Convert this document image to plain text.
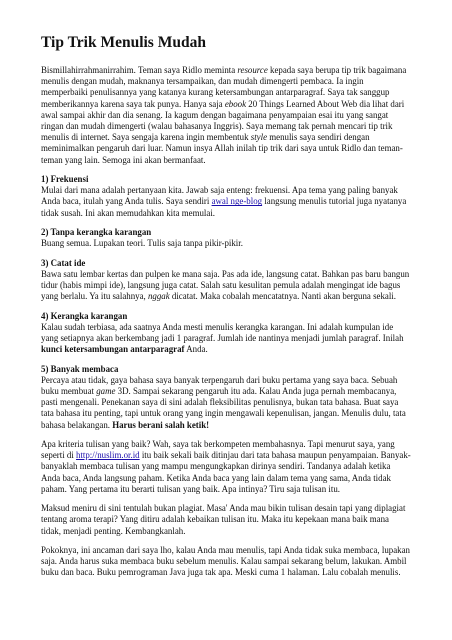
Tip Trik Menulis Mudah

Bismillahirrahmanirrahim. Teman saya Ridlo meminta resource kepada saya berupa tip trik bagaimana menulis dengan mudah, maknanya tersampaikan, dan mudah dimengerti pembaca. Ia ingin memperbaiki penulisannya yang katanya kurang ketersambungan antarparagraf. Saya tak sanggup memberikannya karena saya tak punya. Hanya saja ebook 20 Things Learned About Web dia lihat dari awal sampai akhir dan dia senang. Ia kagum dengan bagaimana penyampaian esai itu yang sangat ringan dan mudah dimengerti (walau bahasanya Inggris). Saya memang tak pernah mencari tip trik menulis di internet. Saya sengaja karena ingin membentuk style menulis saya sendiri dengan meminimalkan pengaruh dari luar. Namun insya Allah inilah tip trik dari saya untuk Ridlo dan teman-teman yang lain. Semoga ini akan bermanfaat.

1) Frekuensi
Mulai dari mana adalah pertanyaan kita. Jawab saja enteng: frekuensi. Apa tema yang paling banyak Anda baca, itulah yang Anda tulis. Saya sendiri awal nge-blog langsung menulis tutorial juga nyatanya tidak susah. Ini akan memudahkan kita memulai.
2) Tanpa kerangka karangan
Buang semua. Lupakan teori. Tulis saja tanpa pikir-pikir.
3) Catat ide
Bawa satu lembar kertas dan pulpen ke mana saja. Pas ada ide, langsung catat. Bahkan pas baru bangun tidur (habis mimpi ide), langsung juga catat. Salah satu kesulitan pemula adalah mengingat ide bagus yang berlalu. Ya itu salahnya, nggak dicatat. Maka cobalah mencatatnya. Nanti akan berguna sekali.
4) Kerangka karangan
Kalau sudah terbiasa, ada saatnya Anda mesti menulis kerangka karangan. Ini adalah kumpulan ide yang setiapnya akan berkembang jadi 1 paragraf. Jumlah ide nantinya menjadi jumlah paragraf. Inilah kunci ketersambungan antarparagraf Anda.
5) Banyak membaca
Percaya atau tidak, gaya bahasa saya banyak terpengaruh dari buku pertama yang saya baca. Sebuah buku membuat game 3D. Sampai sekarang pengaruh itu ada. Kalau Anda juga pernah membacanya, pasti mengenali. Penekanan saya di sini adalah fleksibilitas penulisnya, bukan tata bahasa. Buat saya tata bahasa itu penting, tapi untuk orang yang ingin mengawali kepenulisan, jangan. Menulis dulu, tata bahasa belakangan. Harus berani salah ketik!

Apa kriteria tulisan yang baik? Wah, saya tak berkompeten membahasnya. Tapi menurut saya, yang seperti di http://nuslim.or.id itu baik sekali baik ditinjau dari tata bahasa maupun penyampaian. Banyak-banyaklah membaca tulisan yang mampu mengungkapkan dirinya sendiri. Tandanya adalah ketika Anda baca, Anda langsung paham. Ketika Anda baca yang lain dalam tema yang sama, Anda tidak paham. Yang pertama itu berarti tulisan yang baik. Apa intinya? Tiru saja tulisan itu.

Maksud meniru di sini tentulah bukan plagiat. Masa' Anda mau bikin tulisan desain tapi yang diplagiat tentang aroma terapi? Yang ditiru adalah kebaikan tulisan itu. Maka itu kepekaan mana baik mana tidak, menjadi penting. Kembangkanlah.

Pokoknya, ini ancaman dari saya lho, kalau Anda mau menulis, tapi Anda tidak suka membaca, lupakan saja. Anda harus suka membaca buku sebelum menulis. Kalau sampai sekarang belum, lakukan. Ambil buku dan baca. Buku pemrograman Java juga tak apa. Meski cuma 1 halaman. Lalu cobalah menulis.
